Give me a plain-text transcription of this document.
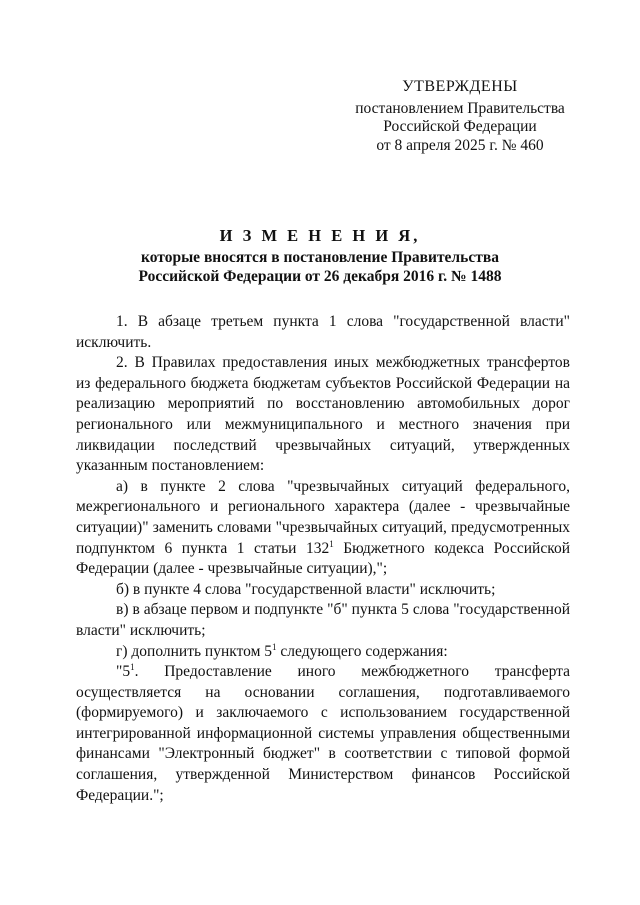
УТВЕРЖДЕНЫ
постановлением Правительства
Российской Федерации
от 8 апреля 2025 г. № 460
И З М Е Н Е Н И Я,
которые вносятся в постановление Правительства
Российской Федерации от 26 декабря 2016 г. № 1488

1. В абзаце третьем пункта 1 слова "государственной власти" исключить.

2. В Правилах предоставления иных межбюджетных трансфертов из федерального бюджета бюджетам субъектов Российской Федерации на реализацию мероприятий по восстановлению автомобильных дорог регионального или межмуниципального и местного значения при ликвидации последствий чрезвычайных ситуаций, утвержденных указанным постановлением:

а) в пункте 2 слова "чрезвычайных ситуаций федерального, межрегионального и регионального характера (далее - чрезвычайные ситуации)" заменить словами "чрезвычайных ситуаций, предусмотренных подпунктом 6 пункта 1 статьи $132^1$ Бюджетного кодекса Российской Федерации (далее - чрезвычайные ситуации),";

б) в пункте 4 слова "государственной власти" исключить;

в) в абзаце первом и подпункте "б" пункта 5 слова "государственной власти" исключить;

г) дополнить пунктом $5^1$ следующего содержания:

"$5^1$. Предоставление иного межбюджетного трансферта осуществляется на основании соглашения, подготавливаемого (формируемого) и заключаемого с использованием государственной интегрированной информационной системы управления общественными финансами "Электронный бюджет" в соответствии с типовой формой соглашения, утвержденной Министерством финансов Российской Федерации.";
